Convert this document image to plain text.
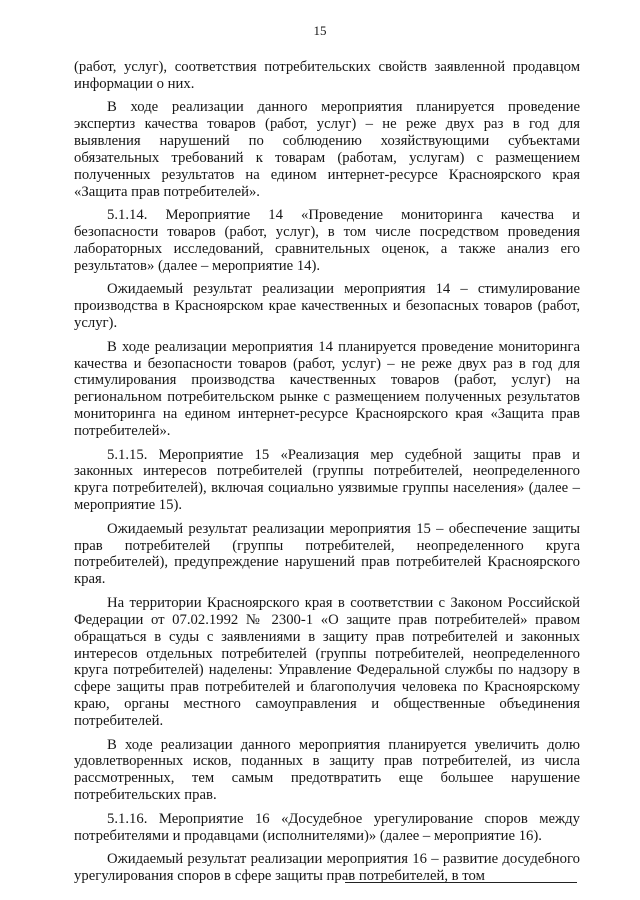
15

(работ, услуг), соответствия потребительских свойств заявленной продавцом информации о них.

В ходе реализации данного мероприятия планируется проведение экспертиз качества товаров (работ, услуг) – не реже двух раз в год для выявления нарушений по соблюдению хозяйствующими субъектами обязательных требований к товарам (работам, услугам) с размещением полученных результатов на едином интернет-ресурсе Красноярского края «Защита прав потребителей».

5.1.14. Мероприятие 14 «Проведение мониторинга качества и безопасности товаров (работ, услуг), в том числе посредством проведения лабораторных исследований, сравнительных оценок, а также анализ его результатов» (далее – мероприятие 14).

Ожидаемый результат реализации мероприятия 14 – стимулирование производства в Красноярском крае качественных и безопасных товаров (работ, услуг).

В ходе реализации мероприятия 14 планируется проведение мониторинга качества и безопасности товаров (работ, услуг) – не реже двух раз в год для стимулирования производства качественных товаров (работ, услуг) на региональном потребительском рынке с размещением полученных результатов мониторинга на едином интернет-ресурсе Красноярского края «Защита прав потребителей».

5.1.15. Мероприятие 15 «Реализация мер судебной защиты прав и законных интересов потребителей (группы потребителей, неопределенного круга потребителей), включая социально уязвимые группы населения» (далее – мероприятие 15).

Ожидаемый результат реализации мероприятия 15 – обеспечение защиты прав потребителей (группы потребителей, неопределенного круга потребителей), предупреждение нарушений прав потребителей Красноярского края.

На территории Красноярского края в соответствии с Законом Российской Федерации от 07.02.1992 № 2300-1 «О защите прав потребителей» правом обращаться в суды с заявлениями в защиту прав потребителей и законных интересов отдельных потребителей (группы потребителей, неопределенного круга потребителей) наделены: Управление Федеральной службы по надзору в сфере защиты прав потребителей и благополучия человека по Красноярскому краю, органы местного самоуправления и общественные объединения потребителей.

В ходе реализации данного мероприятия планируется увеличить долю удовлетворенных исков, поданных в защиту прав потребителей, из числа рассмотренных, тем самым предотвратить еще большее нарушение потребительских прав.

5.1.16. Мероприятие 16 «Досудебное урегулирование споров между потребителями и продавцами (исполнителями)» (далее – мероприятие 16).

Ожидаемый результат реализации мероприятия 16 – развитие досудебного урегулирования споров в сфере защиты прав потребителей, в том
